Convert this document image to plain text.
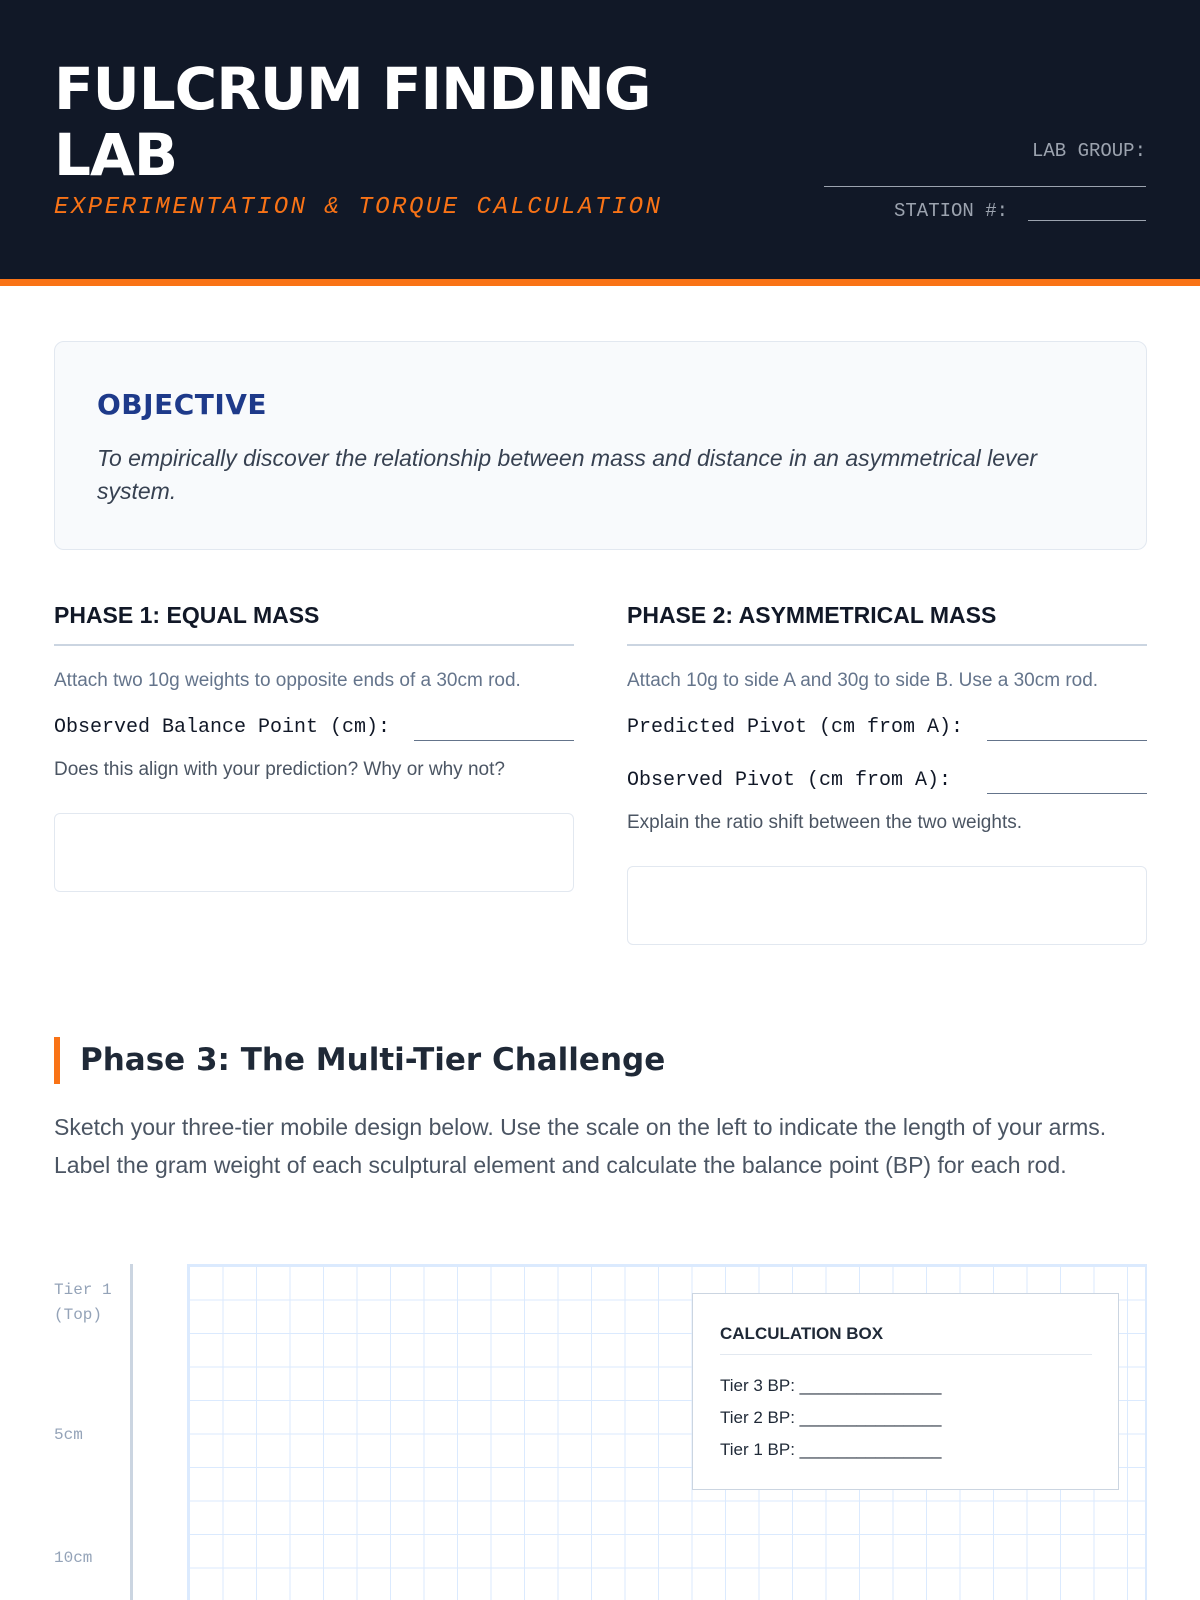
FULCRUM FINDING LAB
EXPERIMENTATION & TORQUE CALCULATION
LAB GROUP:
STATION #:
OBJECTIVE
To empirically discover the relationship between mass and distance in an asymmetrical lever system.
PHASE 1: EQUAL MASS
Attach two 10g weights to opposite ends of a 30cm rod.
Observed Balance Point (cm):
Does this align with your prediction? Why or why not?
PHASE 2: ASYMMETRICAL MASS
Attach 10g to side A and 30g to side B. Use a 30cm rod.
Predicted Pivot (cm from A):
Observed Pivot (cm from A):
Explain the ratio shift between the two weights.
Phase 3: The Multi-Tier Challenge
Sketch your three-tier mobile design below. Use the scale on the left to indicate the length of your arms. Label the gram weight of each sculptural element and calculate the balance point (BP) for each rod.
Tier 1
(Top)
5cm
10cm
CALCULATION BOX
Tier 3 BP: _______________
Tier 2 BP: _______________
Tier 1 BP: _______________
